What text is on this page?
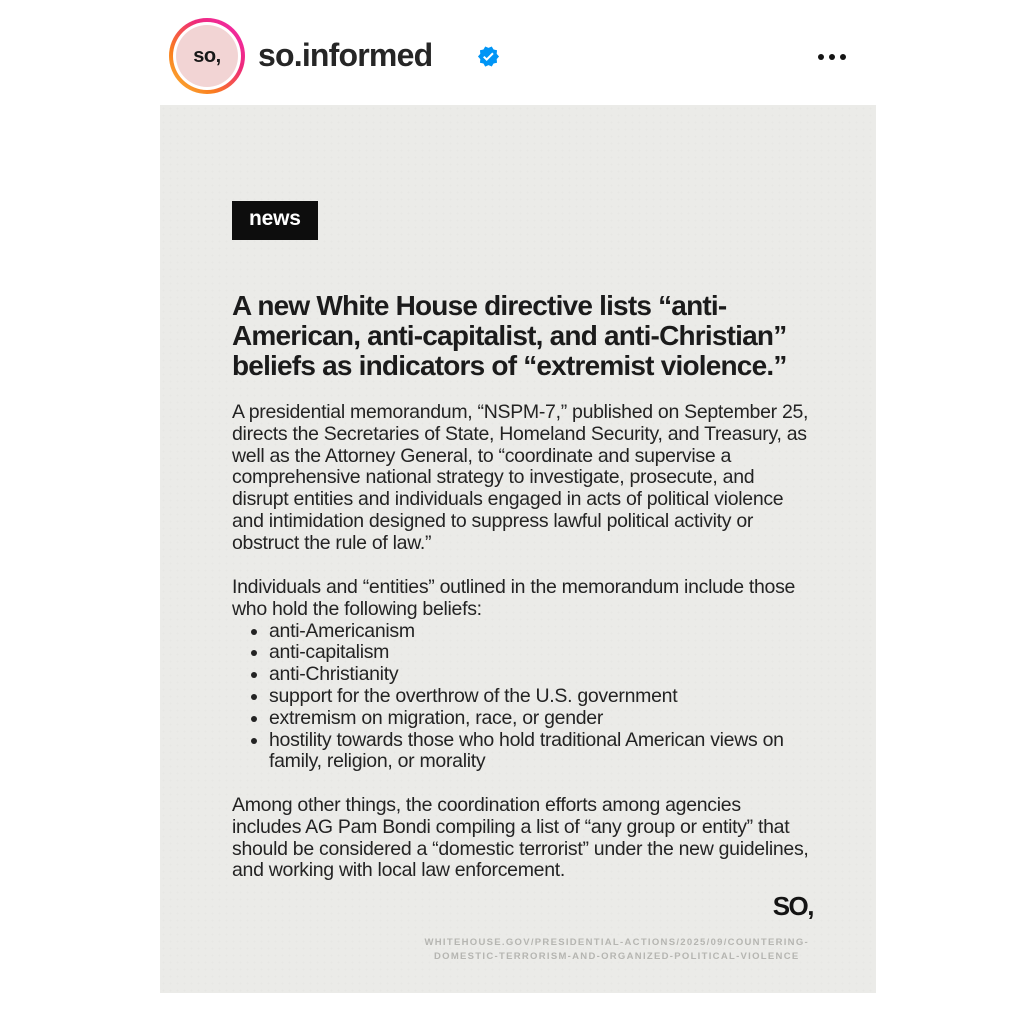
so,	so.informed
news
A new White House directive lists “anti-American, anti-capitalist, and anti-Christian” beliefs as indicators of “extremist violence.”
A presidential memorandum, “NSPM-7,” published on September 25, directs the Secretaries of State, Homeland Security, and Treasury, as well as the Attorney General, to “coordinate and supervise a comprehensive national strategy to investigate, prosecute, and disrupt entities and individuals engaged in acts of political violence and intimidation designed to suppress lawful political activity or obstruct the rule of law.”
Individuals and “entities” outlined in the memorandum include those who hold the following beliefs:
• anti-Americanism
• anti-capitalism
• anti-Christianity
• support for the overthrow of the U.S. government
• extremism on migration, race, or gender
• hostility towards those who hold traditional American views on family, religion, or morality
Among other things, the coordination efforts among agencies includes AG Pam Bondi compiling a list of “any group or entity” that should be considered a “domestic terrorist” under the new guidelines, and working with local law enforcement.
SO,
WHITEHOUSE.GOV/PRESIDENTIAL-ACTIONS/2025/09/COUNTERING-
DOMESTIC-TERRORISM-AND-ORGANIZED-POLITICAL-VIOLENCE
